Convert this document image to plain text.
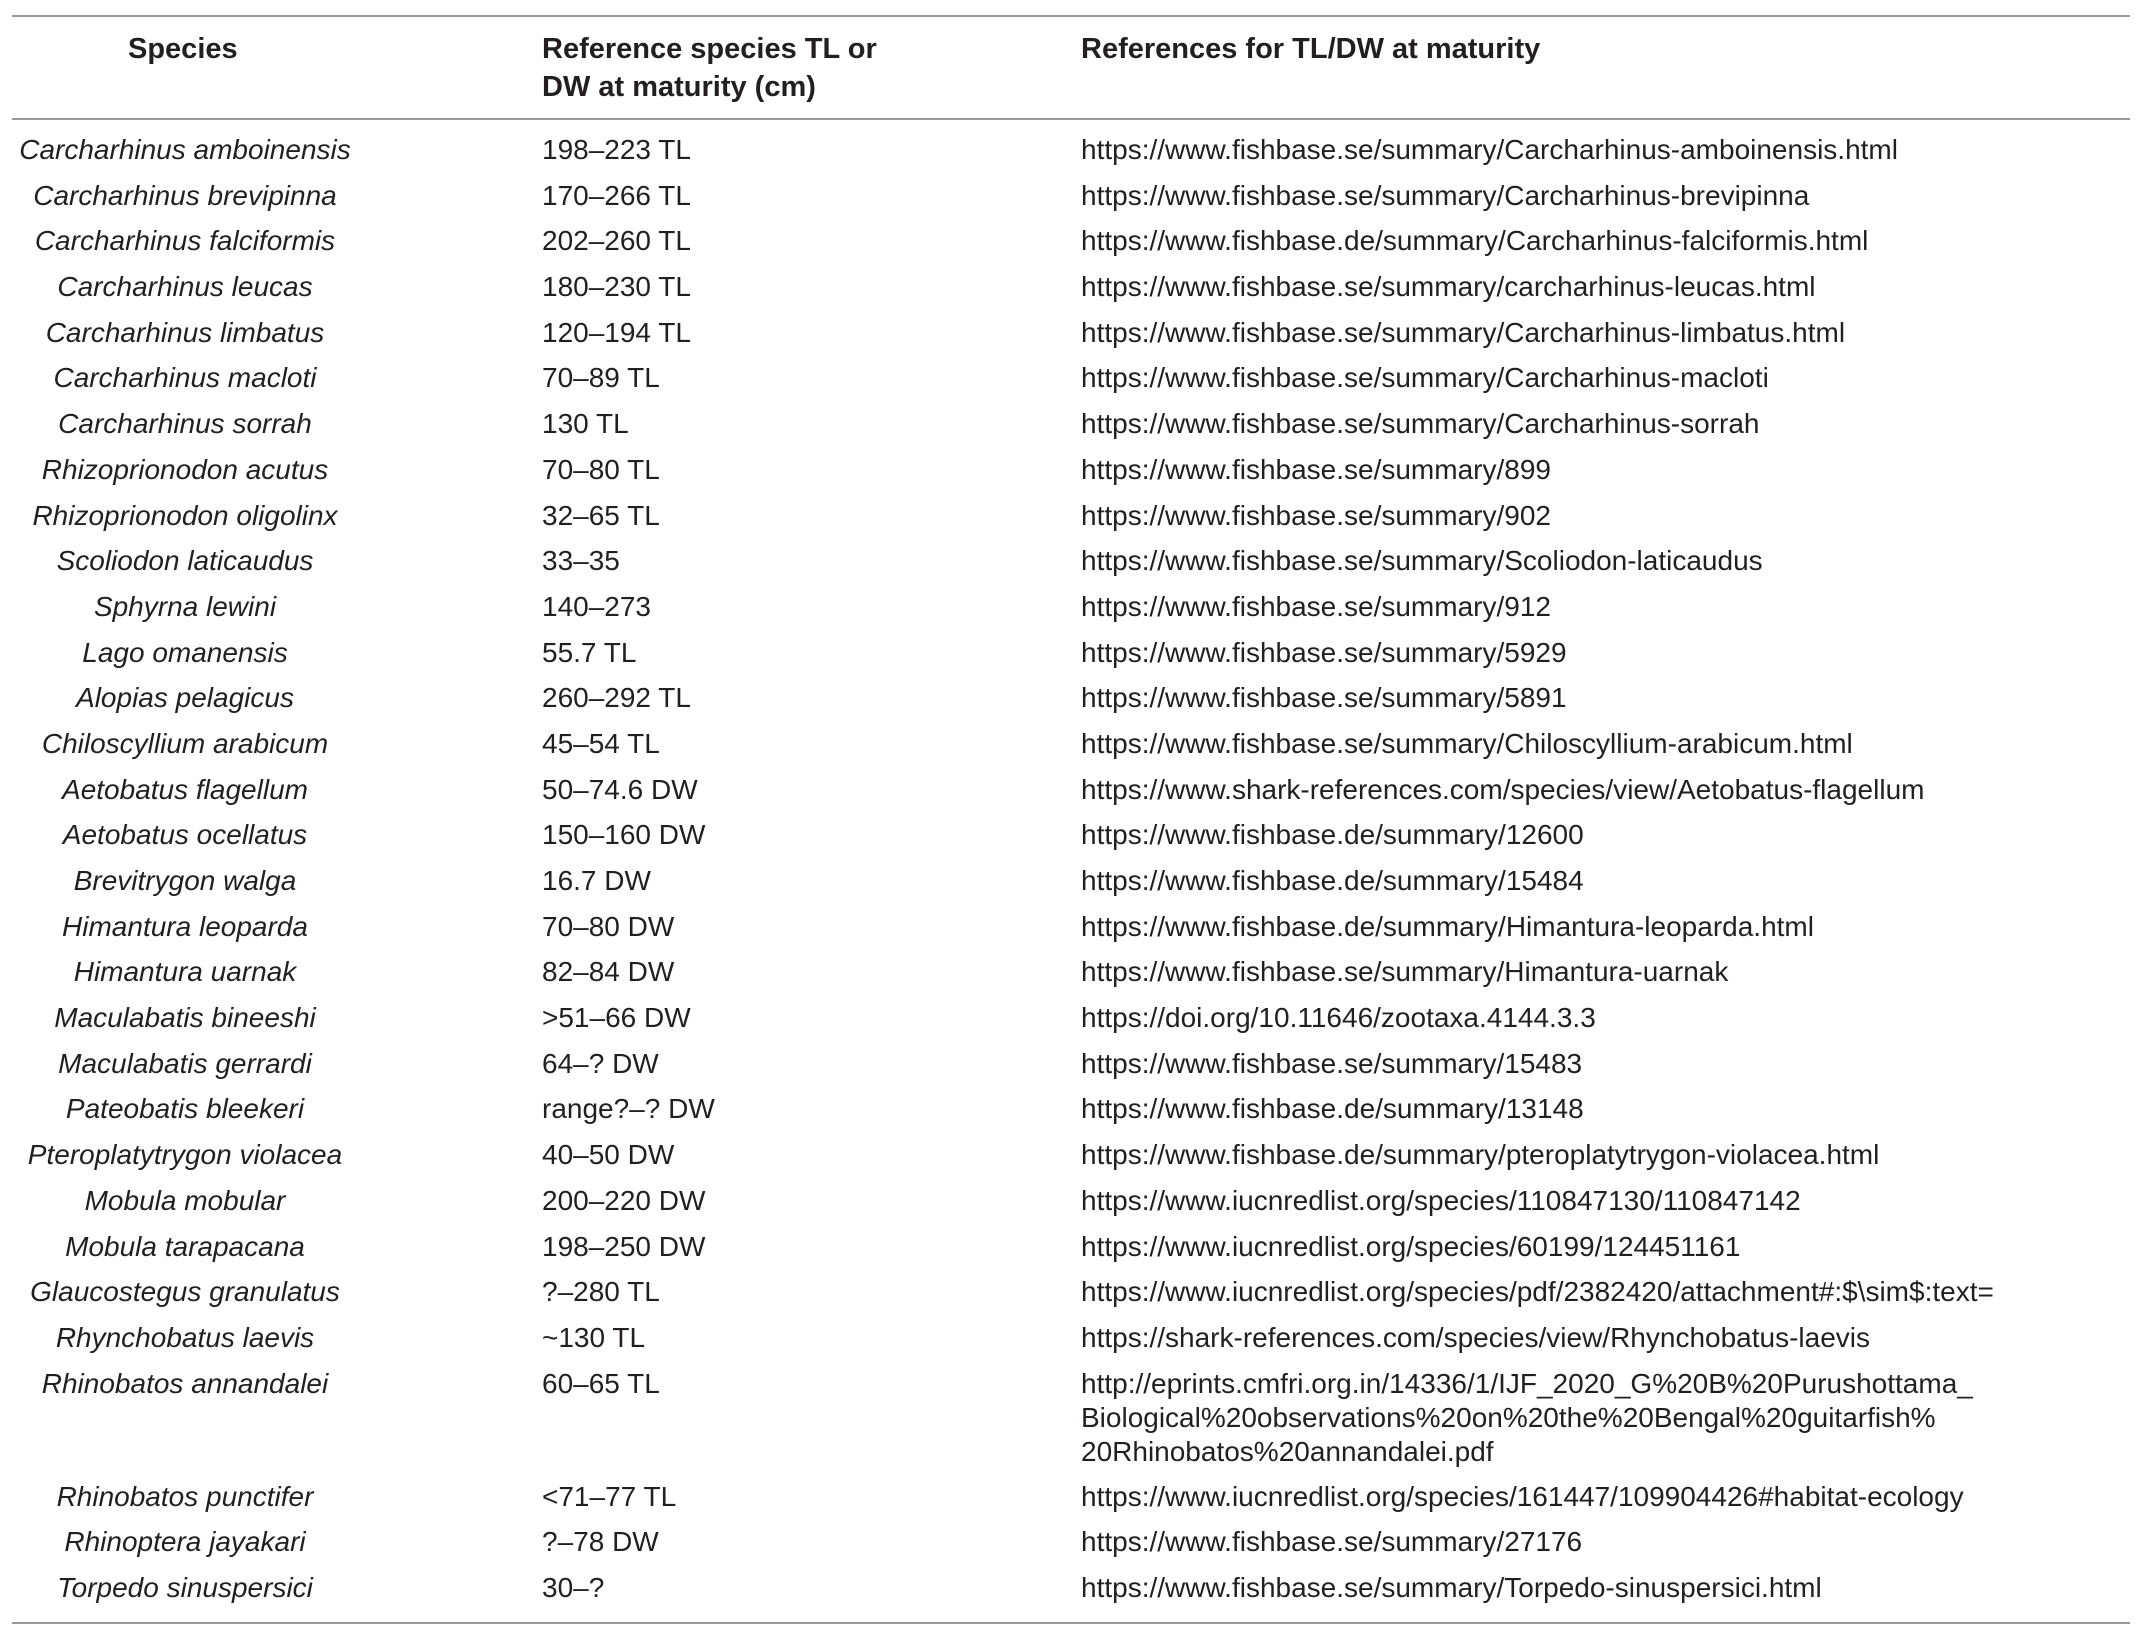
Species	Reference species TL or
DW at maturity (cm)
References for TL/DW at maturity
Carcharhinus amboinensis	198–223 TL	https://www.fishbase.se/summary/Carcharhinus-amboinensis.html
Carcharhinus brevipinna	170–266 TL	https://www.fishbase.se/summary/Carcharhinus-brevipinna
Carcharhinus falciformis	202–260 TL	https://www.fishbase.de/summary/Carcharhinus-falciformis.html
Carcharhinus leucas	180–230 TL	https://www.fishbase.se/summary/carcharhinus-leucas.html
Carcharhinus limbatus	120–194 TL	https://www.fishbase.se/summary/Carcharhinus-limbatus.html
Carcharhinus macloti	70–89 TL	https://www.fishbase.se/summary/Carcharhinus-macloti
Carcharhinus sorrah	130 TL	https://www.fishbase.se/summary/Carcharhinus-sorrah
Rhizoprionodon acutus	70–80 TL	https://www.fishbase.se/summary/899
Rhizoprionodon oligolinx	32–65 TL	https://www.fishbase.se/summary/902
Scoliodon laticaudus	33–35	https://www.fishbase.se/summary/Scoliodon-laticaudus
Sphyrna lewini	140–273	https://www.fishbase.se/summary/912
Lago omanensis	55.7 TL	https://www.fishbase.se/summary/5929
Alopias pelagicus	260–292 TL	https://www.fishbase.se/summary/5891
Chiloscyllium arabicum	45–54 TL	https://www.fishbase.se/summary/Chiloscyllium-arabicum.html
Aetobatus flagellum	50–74.6 DW	https://www.shark-references.com/species/view/Aetobatus-flagellum
Aetobatus ocellatus	150–160 DW	https://www.fishbase.de/summary/12600
Brevitrygon walga	16.7 DW	https://www.fishbase.de/summary/15484
Himantura leoparda	70–80 DW	https://www.fishbase.de/summary/Himantura-leoparda.html
Himantura uarnak	82–84 DW	https://www.fishbase.se/summary/Himantura-uarnak
Maculabatis bineeshi	>51–66 DW	https://doi.org/10.11646/zootaxa.4144.3.3
Maculabatis gerrardi	64–? DW	https://www.fishbase.se/summary/15483
Pateobatis bleekeri	range?–? DW	https://www.fishbase.de/summary/13148
Pteroplatytrygon violacea	40–50 DW	https://www.fishbase.de/summary/pteroplatytrygon-violacea.html
Mobula mobular	200–220 DW	https://www.iucnredlist.org/species/110847130/110847142
Mobula tarapacana	198–250 DW	https://www.iucnredlist.org/species/60199/124451161
Glaucostegus granulatus	?–280 TL	https://www.iucnredlist.org/species/pdf/2382420/attachment#:$\sim$:text=
Rhynchobatus laevis	~130 TL	https://shark-references.com/species/view/Rhynchobatus-laevis
Rhinobatos annandalei	60–65 TL	http://eprints.cmfri.org.in/14336/1/IJF_2020_G%20B%20Purushottama_
Biological%20observations%20on%20the%20Bengal%20guitarfish%
20Rhinobatos%20annandalei.pdf
Rhinobatos punctifer	<71–77 TL	https://www.iucnredlist.org/species/161447/109904426#habitat-ecology
Rhinoptera jayakari	?–78 DW	https://www.fishbase.se/summary/27176
Torpedo sinuspersici	30–?	https://www.fishbase.se/summary/Torpedo-sinuspersici.html
